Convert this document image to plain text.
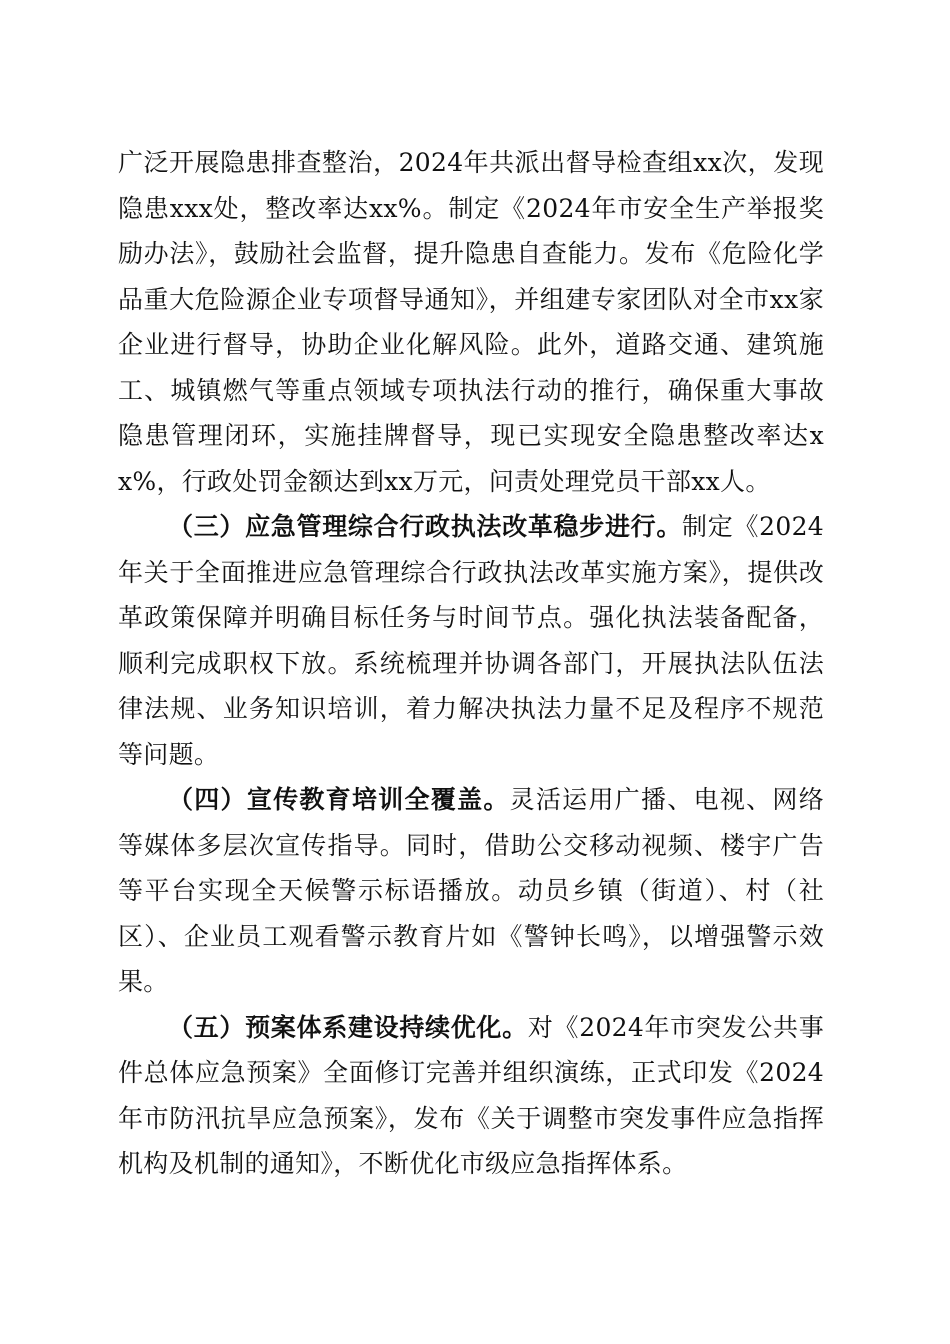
广泛开展隐患排查整治，2024年共派出督导检查组xx次，发现隐患xxx处，整改率达xx%。制定《2024年市安全生产举报奖励办法》，鼓励社会监督，提升隐患自查能力。发布《危险化学品重大危险源企业专项督导通知》，并组建专家团队对全市xx家企业进行督导，协助企业化解风险。此外，道路交通、建筑施工、城镇燃气等重点领域专项执法行动的推行，确保重大事故隐患管理闭环，实施挂牌督导，现已实现安全隐患整改率达xx%，行政处罚金额达到xx万元，问责处理党员干部xx人。

（三）应急管理综合行政执法改革稳步进行。制定《2024年关于全面推进应急管理综合行政执法改革实施方案》，提供改革政策保障并明确目标任务与时间节点。强化执法装备配备，顺利完成职权下放。系统梳理并协调各部门，开展执法队伍法律法规、业务知识培训，着力解决执法力量不足及程序不规范等问题。

（四）宣传教育培训全覆盖。灵活运用广播、电视、网络等媒体多层次宣传指导。同时，借助公交移动视频、楼宇广告等平台实现全天候警示标语播放。动员乡镇（街道）、村（社区）、企业员工观看警示教育片如《警钟长鸣》，以增强警示效果。

（五）预案体系建设持续优化。对《2024年市突发公共事件总体应急预案》全面修订完善并组织演练，正式印发《2024年市防汛抗旱应急预案》，发布《关于调整市突发事件应急指挥机构及机制的通知》，不断优化市级应急指挥体系。
